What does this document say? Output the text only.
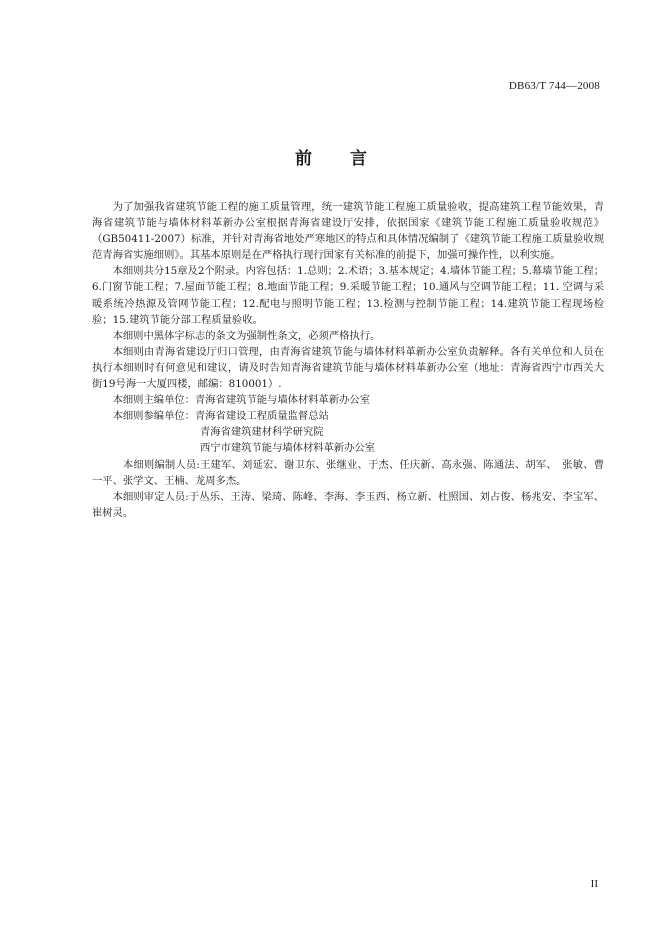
DB63/T 744—2008
前言

为了加强我省建筑节能工程的施工质量管理，统一建筑节能工程施工质量验收，提高建筑工程节能效果，青海省建筑节能与墙体材料革新办公室根据青海省建设厅安排，依据国家《建筑节能工程施工质量验收规范》（GB50411-2007）标准，并针对青海省地处严寒地区的特点和具体情况编制了《建筑节能工程施工质量验收规范青海省实施细则》。其基本原则是在严格执行现行国家有关标准的前提下，加强可操作性，以利实施。

本细则共分15章及2个附录。内容包括：1.总则；2.术语；3.基本规定；4.墙体节能工程；5.幕墙节能工程；6.门窗节能工程；7.屋面节能工程；8.地面节能工程；9.采暖节能工程；10.通风与空调节能工程；11. 空调与采暖系统冷热源及管网节能工程；12.配电与照明节能工程；13.检测与控制节能工程；14.建筑节能工程现场检验；15.建筑节能分部工程质量验收。

本细则中黑体字标志的条文为强制性条文，必须严格执行。

本细则由青海省建设厅归口管理，由青海省建筑节能与墙体材料革新办公室负责解释。各有关单位和人员在执行本细则时有何意见和建议，请及时告知青海省建筑节能与墙体材料革新办公室（地址：青海省西宁市西关大街19号海一大厦四楼，邮编：810001）.

本细则主编单位：青海省建筑节能与墙体材料革新办公室

本细则参编单位：青海省建设工程质量监督总站

青海省建筑建材科学研究院

西宁市建筑节能与墙体材料革新办公室

本细则编制人员:王建军、刘延宏、谢卫东、张继业、于杰、任庆新、高永强、陈通法、胡军、　张敏、曹一平、张学文、王楠、龙周多杰。

本细则审定人员:于丛乐、王涛、梁琦、陈峰、李海、李玉西、杨立新、杜照国、刘占俊、杨兆安、李宝军、崔树灵。

II
